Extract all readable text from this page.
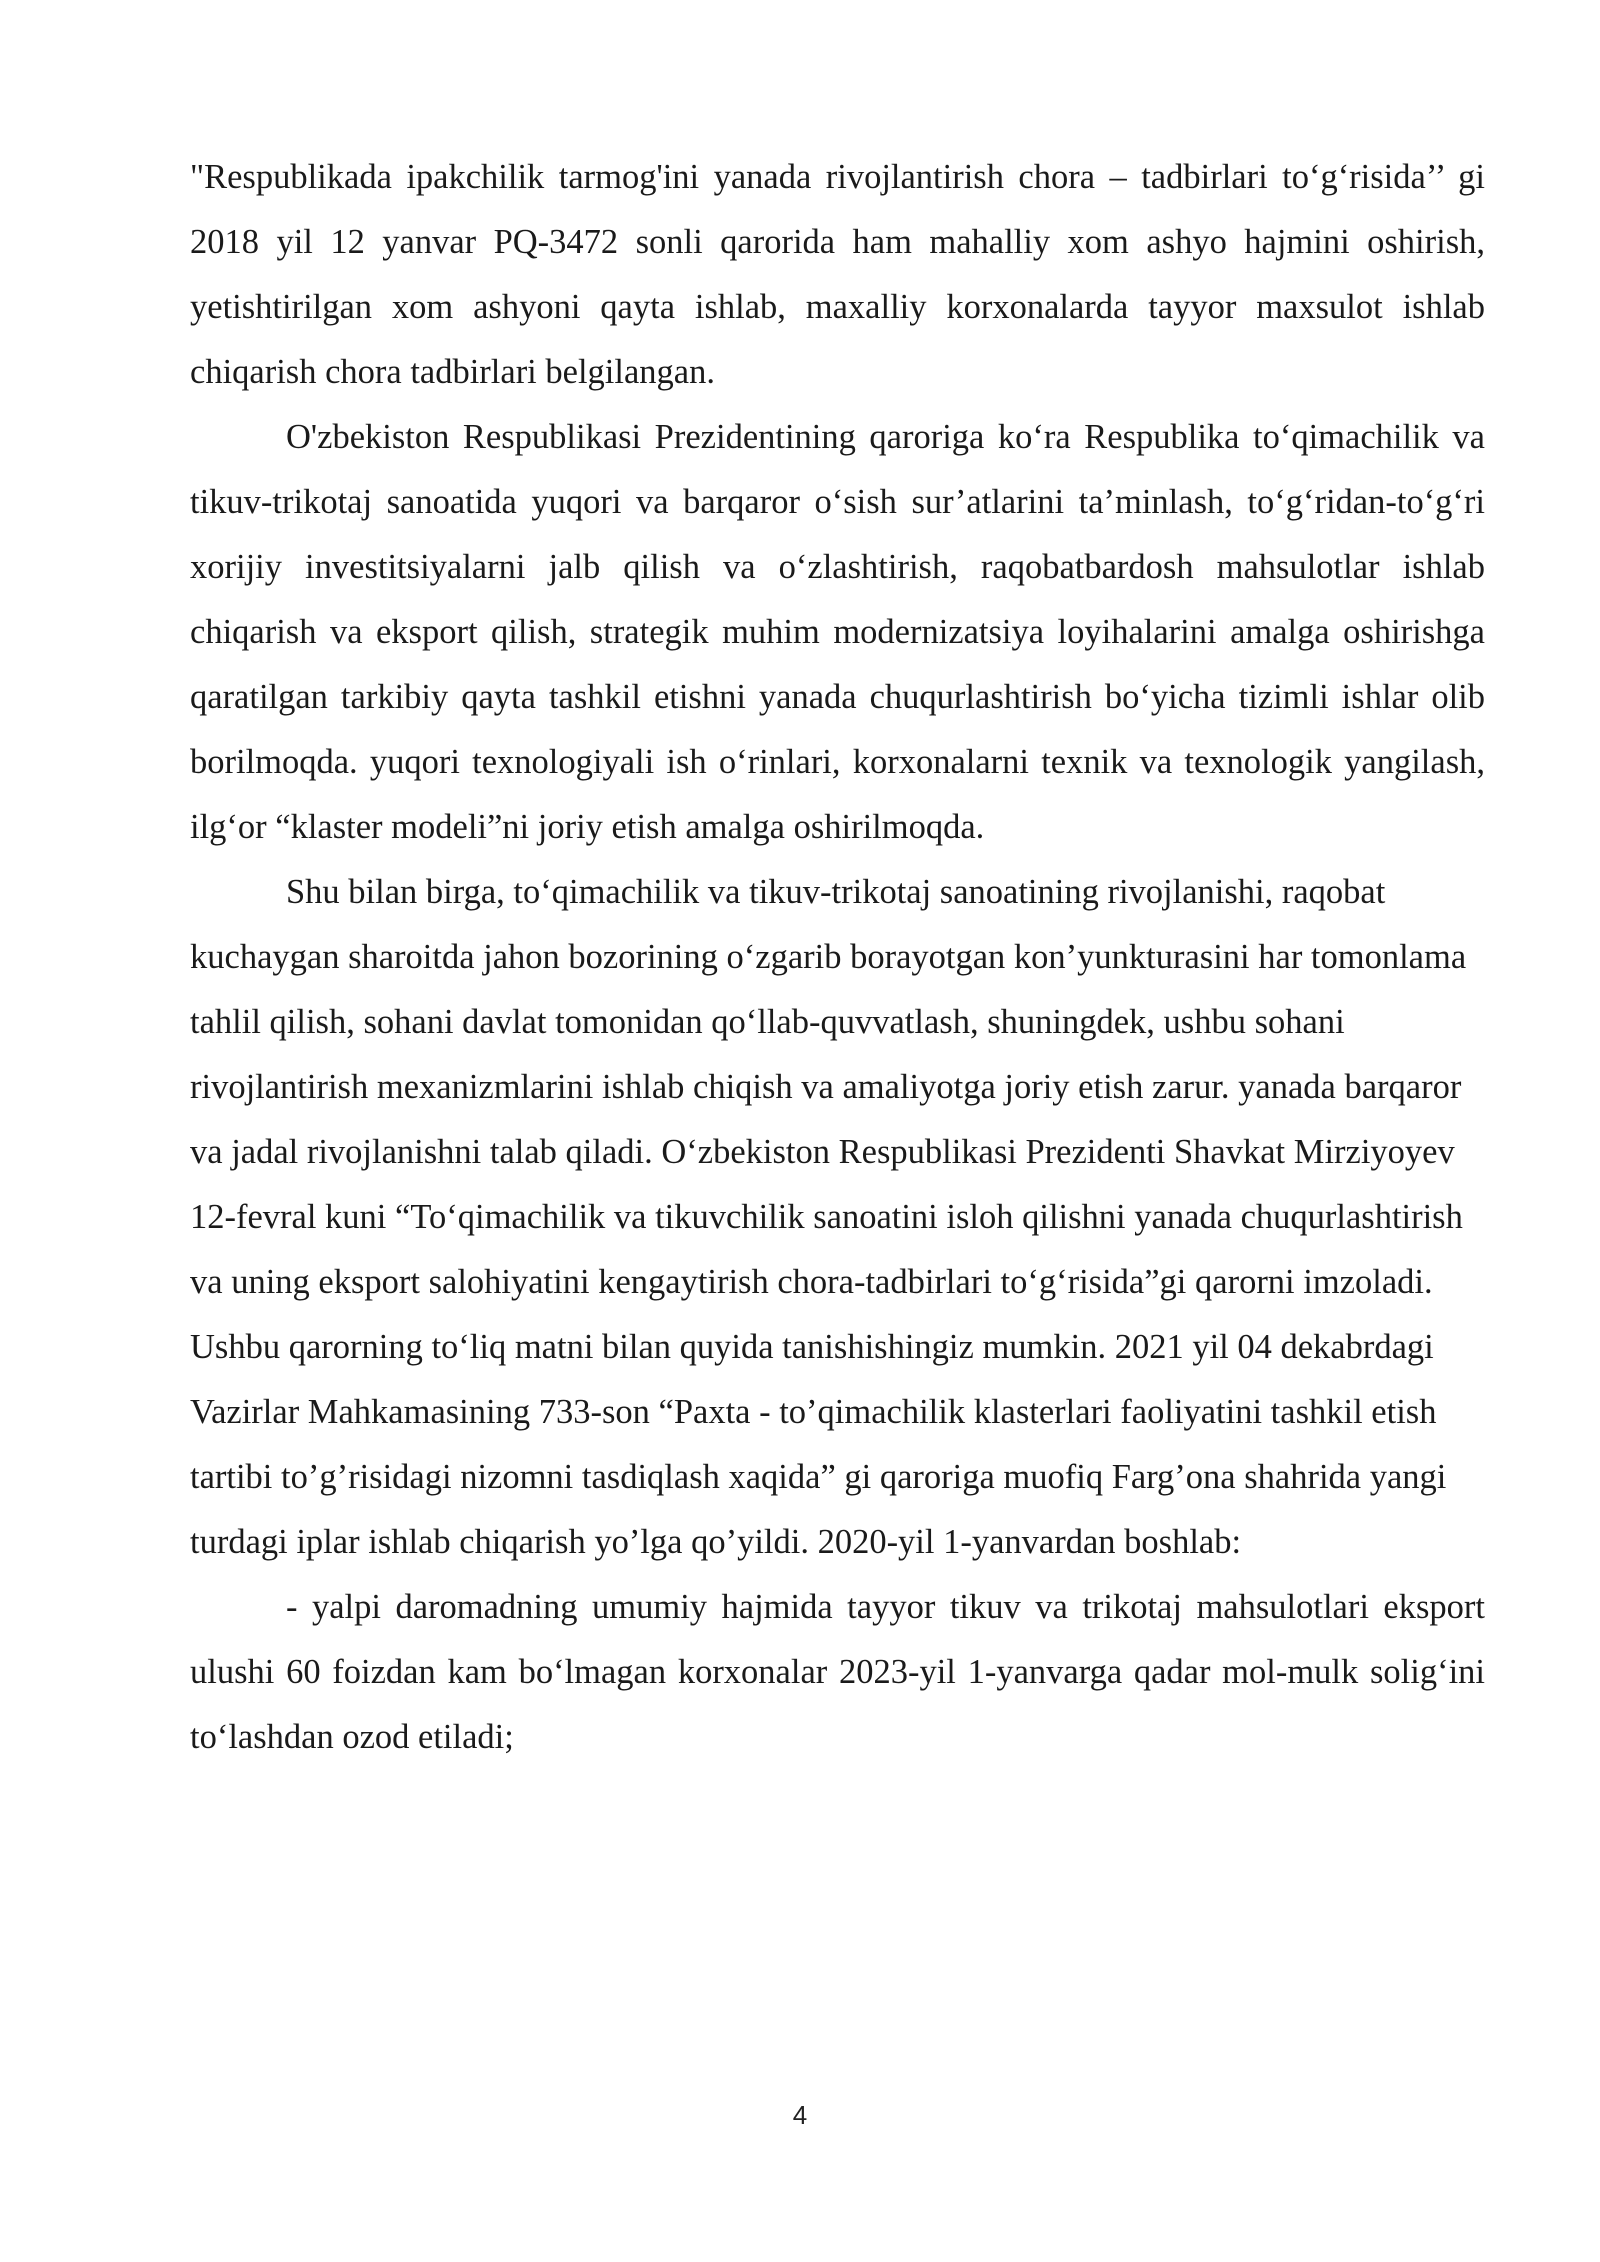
"Respublikada ipakchilik tarmog'ini yanada rivojlantirish chora – tadbirlari to‘g‘risida’’ gi 2018 yil 12 yanvar PQ-3472 sonli qarorida ham mahalliy xom ashyo hajmini oshirish, yetishtirilgan xom ashyoni qayta ishlab, maxalliy korxonalarda tayyor maxsulot ishlab chiqarish chora tadbirlari belgilangan.

O'zbekiston Respublikasi Prezidentining qaroriga ko‘ra Respublika to‘qimachilik va tikuv-trikotaj sanoatida yuqori va barqaror o‘sish sur’atlarini ta’minlash, to‘g‘ridan-to‘g‘ri xorijiy investitsiyalarni jalb qilish va o‘zlashtirish, raqobatbardosh mahsulotlar ishlab chiqarish va eksport qilish, strategik muhim modernizatsiya loyihalarini amalga oshirishga qaratilgan tarkibiy qayta tashkil etishni yanada chuqurlashtirish bo‘yicha tizimli ishlar olib borilmoqda. yuqori texnologiyali ish o‘rinlari, korxonalarni texnik va texnologik yangilash, ilg‘or “klaster modeli”ni joriy etish amalga oshirilmoqda.

Shu bilan birga, to‘qimachilik va tikuv-trikotaj sanoatining rivojlanishi, raqobat kuchaygan sharoitda jahon bozorining o‘zgarib borayotgan kon’yunkturasini har tomonlama tahlil qilish, sohani davlat tomonidan qo‘llab-quvvatlash, shuningdek, ushbu sohani rivojlantirish mexanizmlarini ishlab chiqish va amaliyotga joriy etish zarur. yanada barqaror va jadal rivojlanishni talab qiladi. O‘zbekiston Respublikasi Prezidenti Shavkat Mirziyoyev 12-fevral kuni “To‘qimachilik va tikuvchilik sanoatini isloh qilishni yanada chuqurlashtirish va uning eksport salohiyatini kengaytirish chora-tadbirlari to‘g‘risida”gi qarorni imzoladi. Ushbu qarorning to‘liq matni bilan quyida tanishishingiz mumkin. 2021 yil 04 dekabrdagi Vazirlar Mahkamasining 733-son “Paxta - to’qimachilik klasterlari faoliyatini tashkil etish tartibi to’g’risidagi nizomni tasdiqlash xaqida” gi qaroriga muofiq Farg’ona shahrida yangi turdagi iplar ishlab chiqarish yo’lga qo’yildi. 2020-yil 1-yanvardan boshlab:

- yalpi daromadning umumiy hajmida tayyor tikuv va trikotaj mahsulotlari eksport ulushi 60 foizdan kam bo‘lmagan korxonalar 2023-yil 1-yanvarga qadar mol-mulk solig‘ini to‘lashdan ozod etiladi;

4
